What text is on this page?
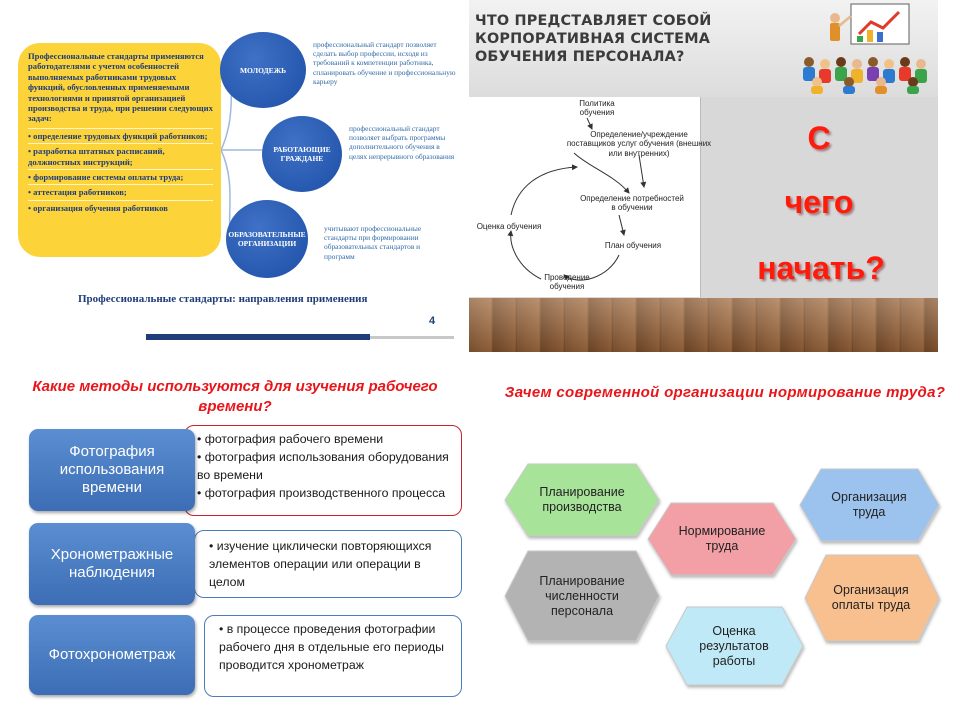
Профессиональные стандарты применяются работодателями с учетом особенностей выполняемых работниками трудовых функций, обусловленных применяемыми технологиями и принятой организацией производства и труда, при решении следующих задач:
• определение трудовых функций работников;
• разработка штатных расписаний, должностных инструкций;
• формирование системы оплаты труда;
• аттестация работников;
• организация обучения работников
МОЛОДЕЖЬ
профессиональный стандарт позволяет сделать выбор профессии, исходя из требований к компетенции работника, спланировать обучение и профессиональную карьеру
РАБОТАЮЩИЕ ГРАЖДАНЕ
профессиональный стандарт позволяет выбрать программы дополнительного обучения в целях непрерывного образования
ОБРАЗОВАТЕЛЬНЫЕ ОРГАНИЗАЦИИ
учитывают профессиональные стандарты при формировании образовательных стандартов и программ
Профессиональные стандарты: направления применения
4
ЧТО ПРЕДСТАВЛЯЕТ СОБОЙ КОРПОРАТИВНАЯ СИСТЕМА ОБУЧЕНИЯ ПЕРСОНАЛА?
Политика обучения
Определение/учреждение поставщиков услуг обучения (внешних или внутренних)
Определение потребностей в обучении
План обучения
Проведение обучения
Оценка обучения
С
чего
начать?
Какие методы используются для изучения рабочего времени?
• фотография рабочего времени
• фотография использования оборудования во времени
• фотография производственного процесса
Фотография использования времени
• изучение циклически повторяющихся элементов операции или операции в целом
Хронометражные наблюдения
• в процессе проведения фотографии рабочего дня в отдельные его периоды проводится хронометраж
Фотохронометраж
Зачем современной организации нормирование труда?
Планирование производства
Нормирование труда
Организация труда
Планирование численности персонала
Организация оплаты труда
Оценка результатов работы
